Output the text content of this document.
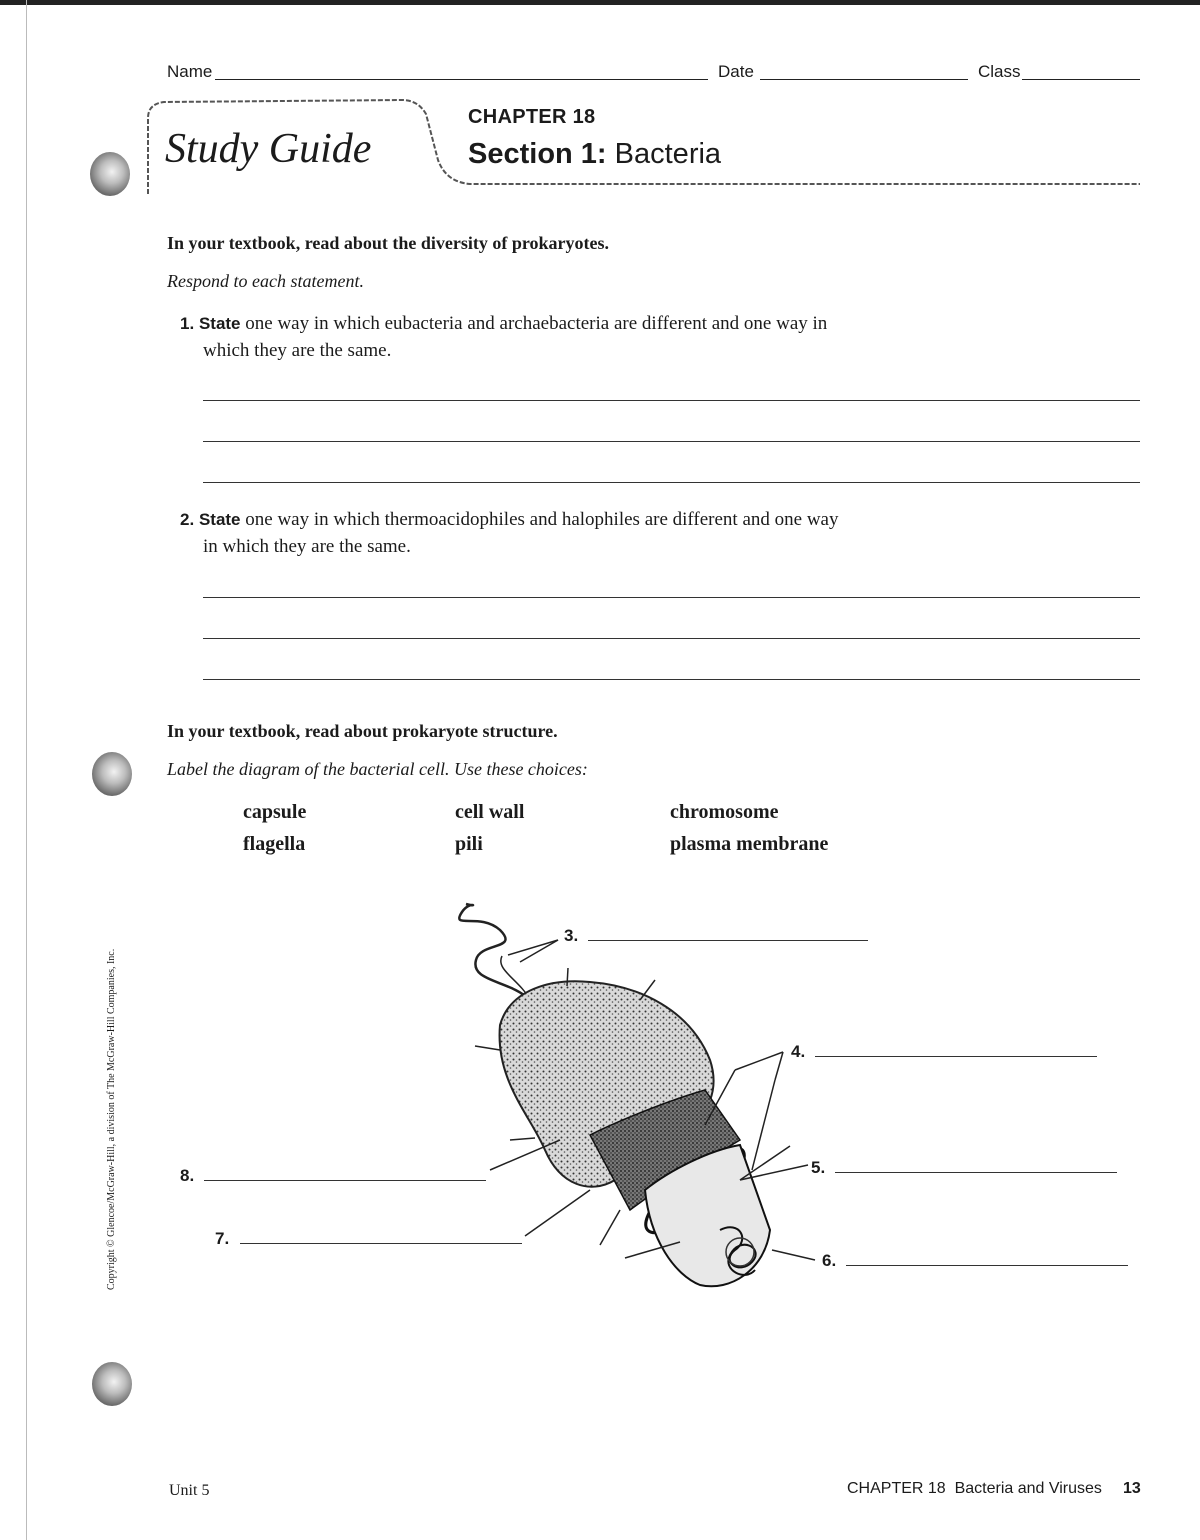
Name	Date	Class
Study Guide
CHAPTER 18
Section 1: Bacteria
In your textbook, read about the diversity of prokaryotes.
Respond to each statement.
1. State one way in which eubacteria and archaebacteria are different and one way in
which they are the same.
2. State one way in which thermoacidophiles and halophiles are different and one way
in which they are the same.
In your textbook, read about prokaryote structure.
Label the diagram of the bacterial cell. Use these choices:
capsule	cell wall	chromosome
flagella	pili	plasma membrane
3.
4.
5.
6.
7.
8.
Copyright © Glencoe/McGraw-Hill, a division of The McGraw-Hill Companies, Inc.
Unit 5	CHAPTER 18  Bacteria and Viruses 13
